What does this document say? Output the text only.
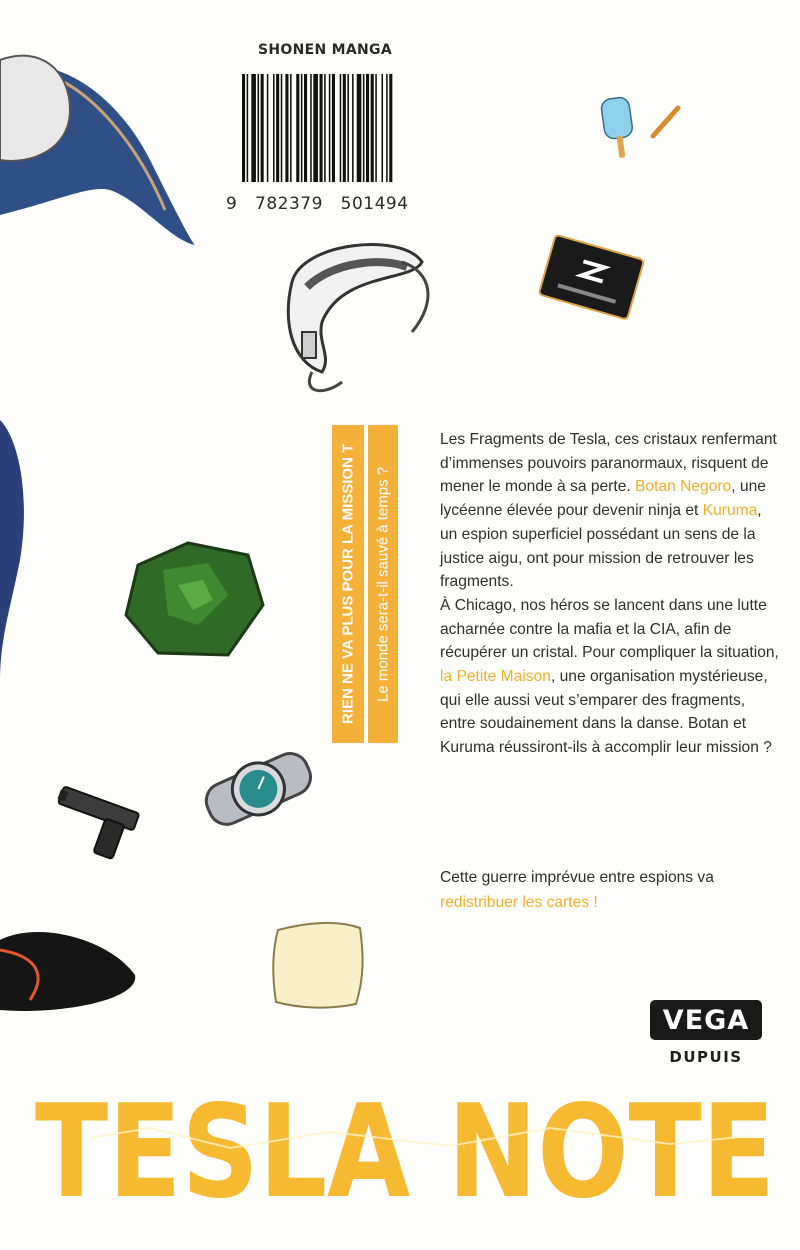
SHONEN MANGA
9   782379   501494
RIEN NE VA PLUS POUR LA MISSION T	Le monde sera-t-il sauvé à temps ?
Les Fragments de Tesla, ces cristaux renfermant d’immenses pouvoirs paranormaux, risquent de mener le monde à sa perte. Botan Negoro, une lycéenne élevée pour devenir ninja et Kuruma, un espion superficiel possédant un sens de la justice aigu, ont pour mission de retrouver les fragments.
À Chicago, nos héros se lancent dans une lutte acharnée contre la mafia et la CIA, afin de récupérer un cristal. Pour compliquer la situation, la Petite Maison, une organisation mystérieuse, qui elle aussi veut s’emparer des fragments, entre soudainement dans la danse. Botan et Kuruma réussiront-ils à accomplir leur mission ?
Cette guerre imprévue entre espions va redistribuer les cartes !
VEGA
DUPUIS
TESLA NOTE
